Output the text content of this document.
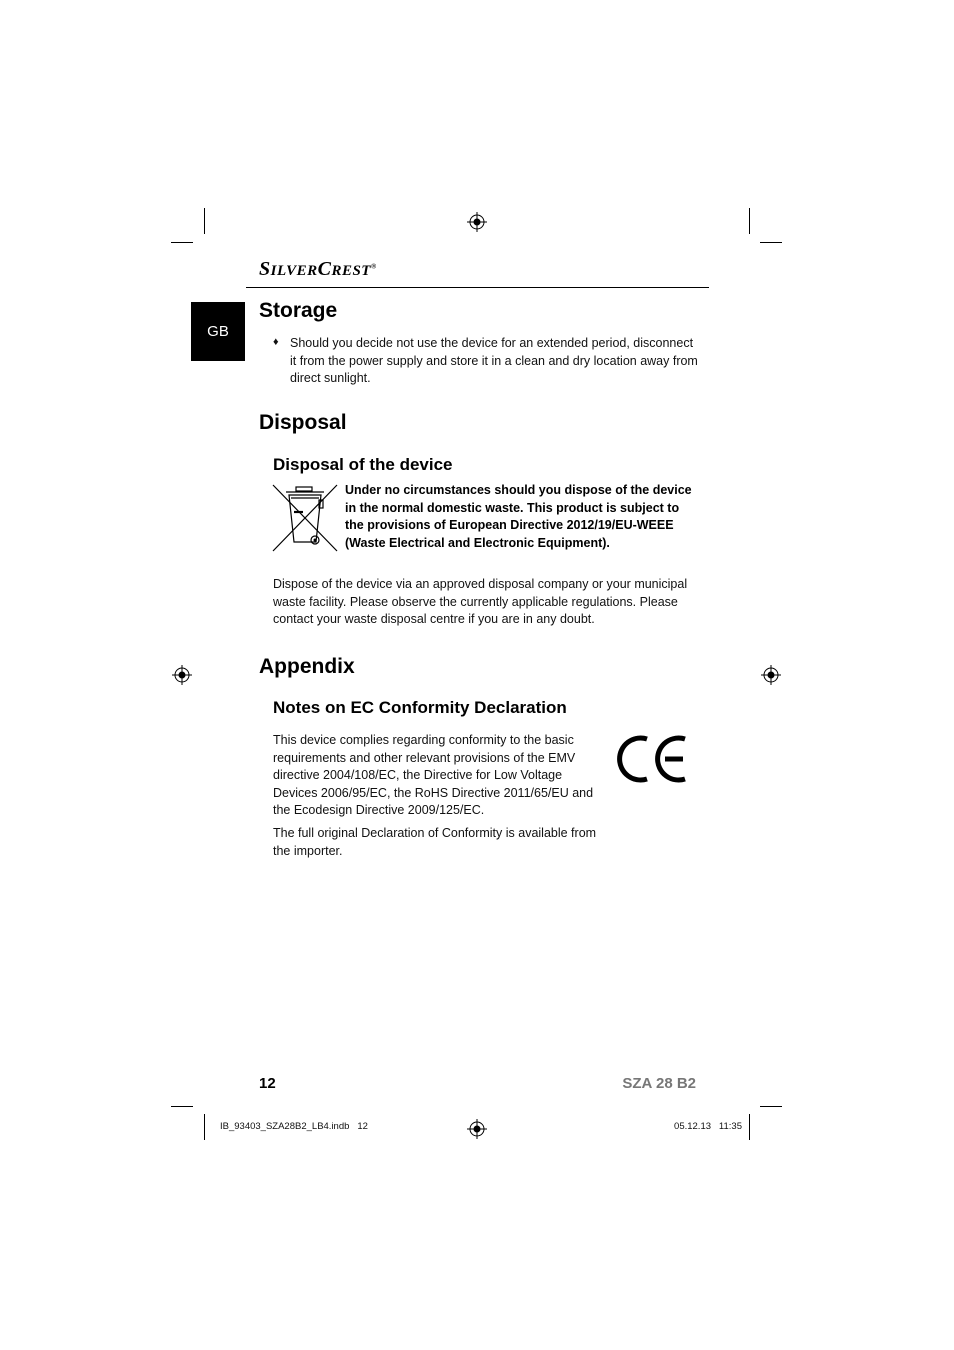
SILVERCREST®
GB
Storage
♦ Should you decide not use the device for an extended period, disconnect it from the power supply and store it in a clean and dry location away from direct sunlight.
Disposal
Disposal of the device
Under no circumstances should you dispose of the device in the normal domestic waste. This product is subject to the provisions of European Directive 2012/19/EU-WEEE (Waste Electrical and Electronic Equipment).
Dispose of the device via an approved disposal company or your municipal waste facility. Please observe the currently applicable regulations. Please contact your waste disposal centre if you are in any doubt.
Appendix
Notes on EC Conformity Declaration
This device complies regarding conformity to the basic requirements and other relevant provisions of the EMV directive 2004/108/EC, the Directive for Low Voltage Devices 2006/95/EC, the RoHS Directive 2011/65/EU and the Ecodesign Directive 2009/125/EC.
The full original Declaration of Conformity is available from the importer.
12	SZA 28 B2
IB_93403_SZA28B2_LB4.indb   12	05.12.13   11:35
